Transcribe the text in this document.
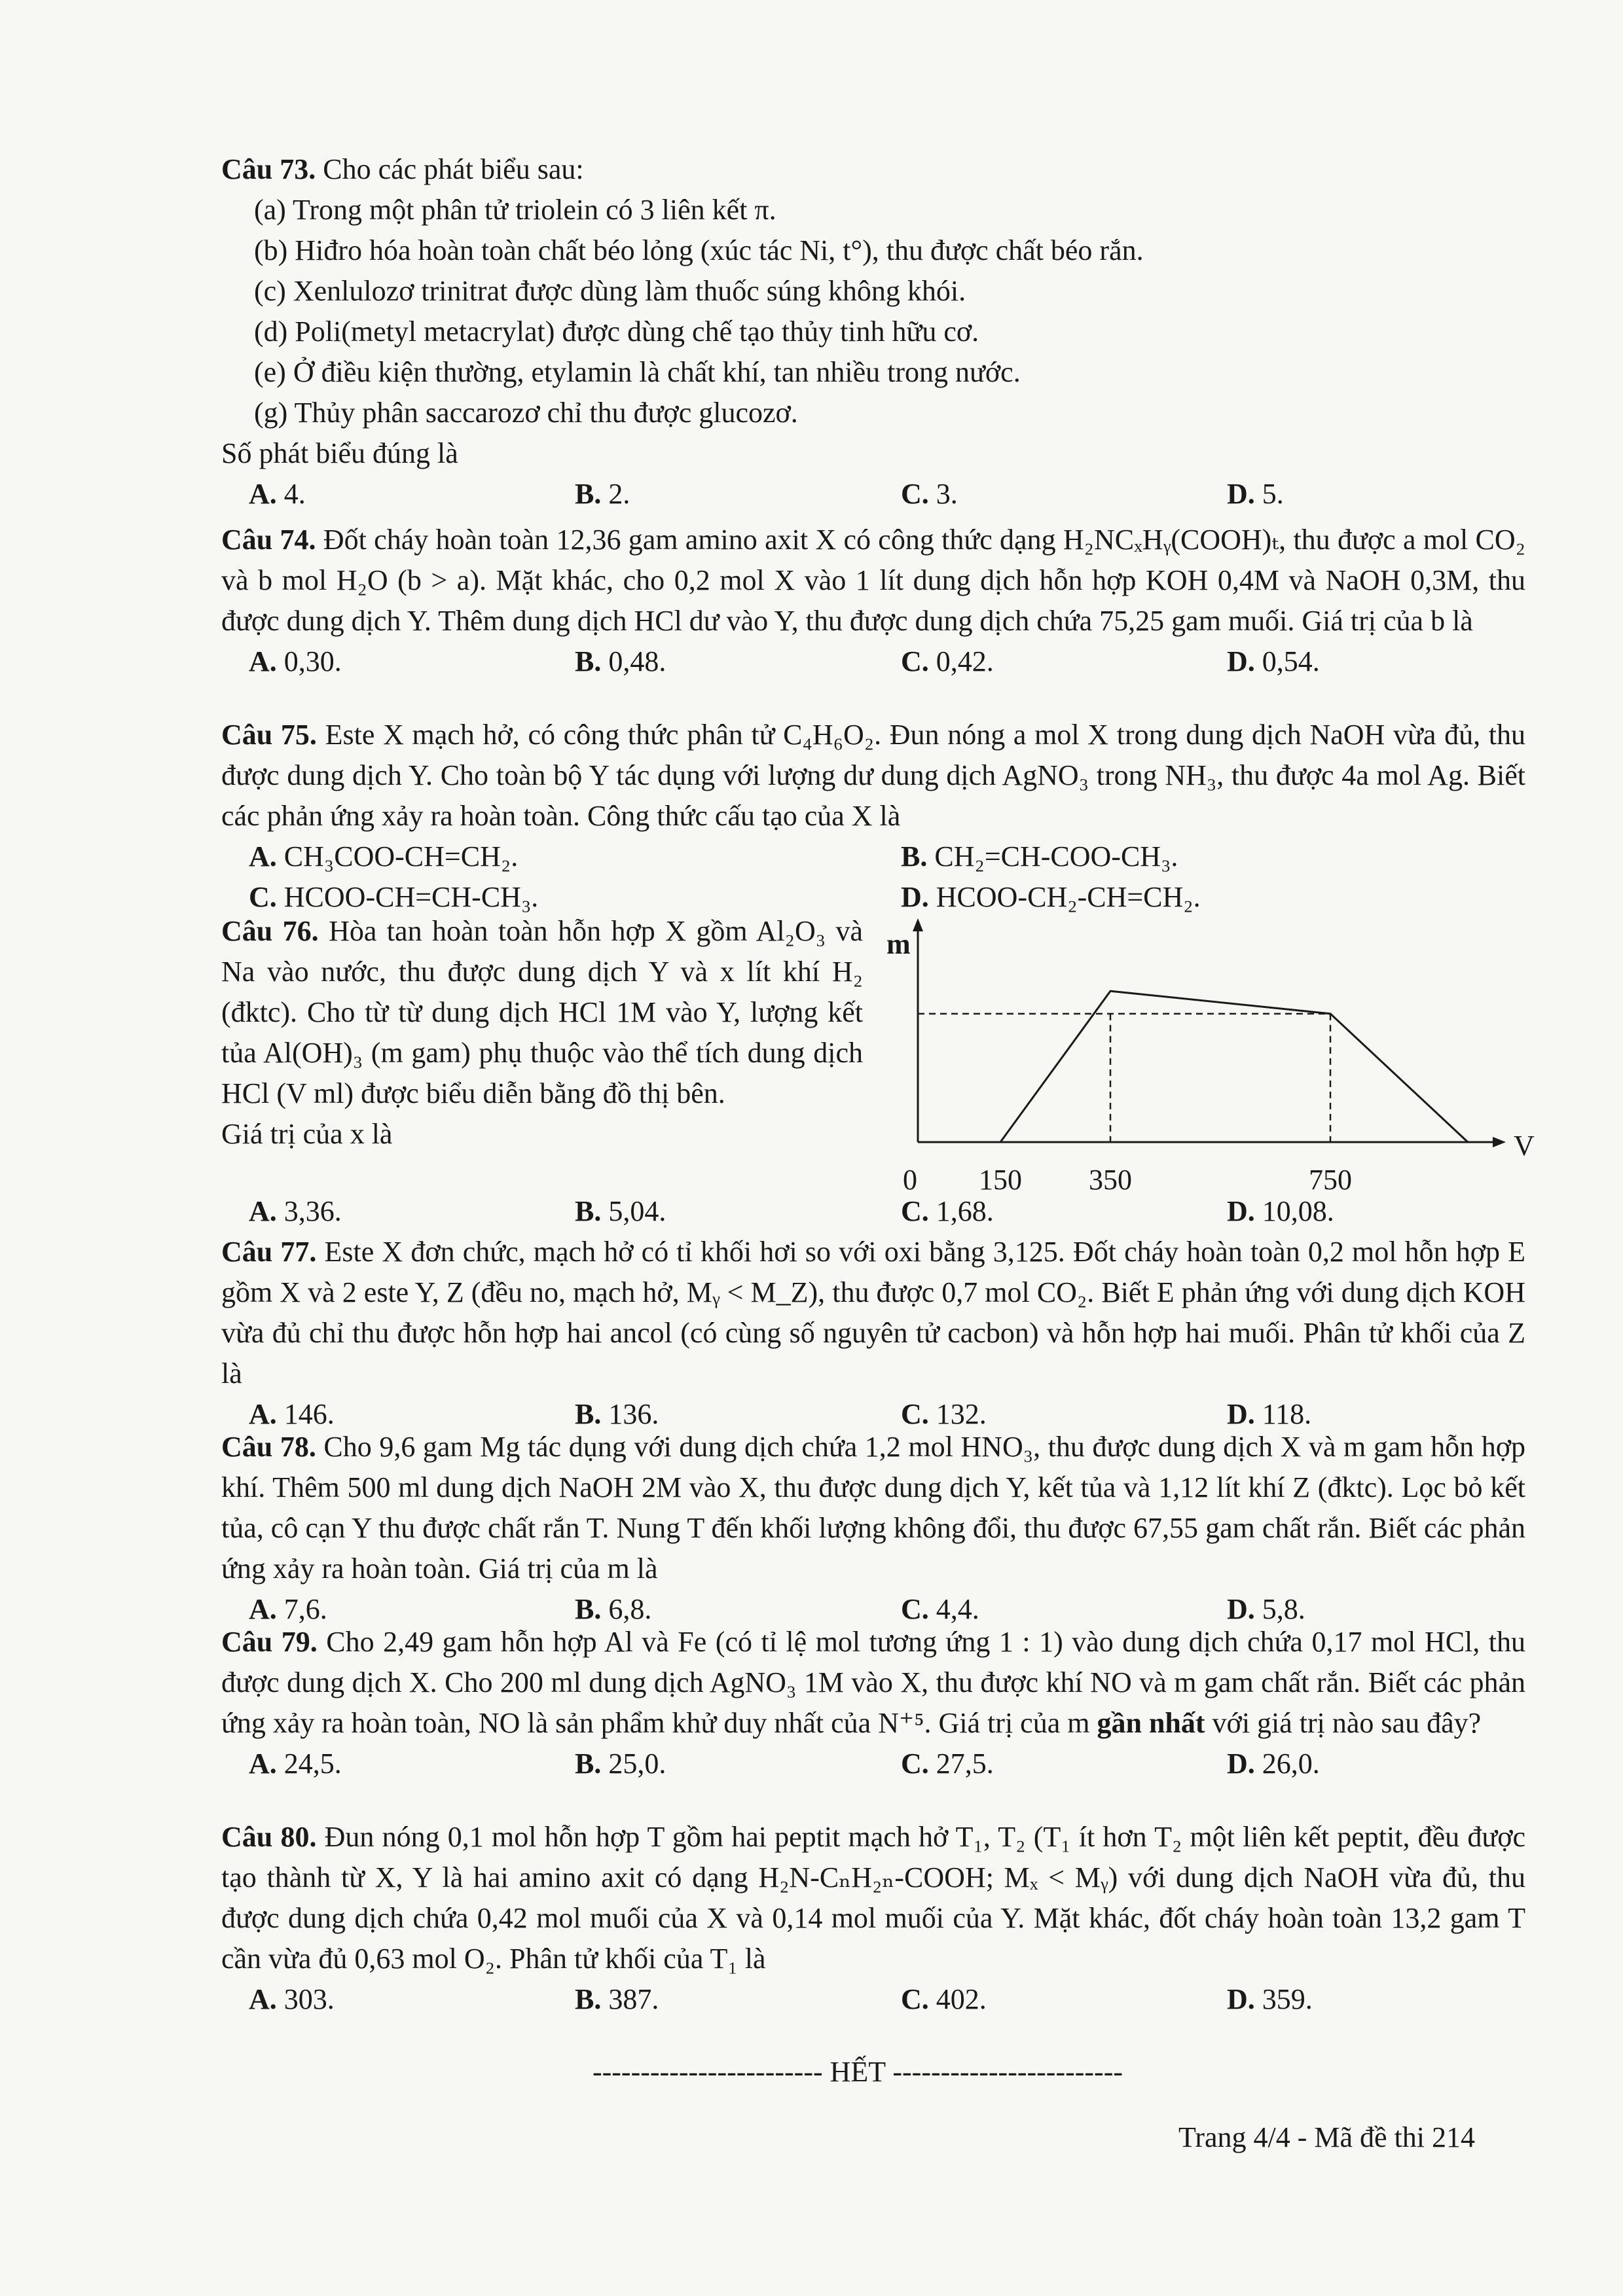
Câu 73. Cho các phát biểu sau:

(a) Trong một phân tử triolein có 3 liên kết π.

(b) Hiđro hóa hoàn toàn chất béo lỏng (xúc tác Ni, t°), thu được chất béo rắn.

(c) Xenlulozơ trinitrat được dùng làm thuốc súng không khói.

(d) Poli(metyl metacrylat) được dùng chế tạo thủy tinh hữu cơ.

(e) Ở điều kiện thường, etylamin là chất khí, tan nhiều trong nước.

(g) Thủy phân saccarozơ chỉ thu được glucozơ.

Số phát biểu đúng là

A. 4.	B. 2.	C. 3.	D. 5.

Câu 74. Đốt cháy hoàn toàn 12,36 gam amino axit X có công thức dạng H₂NCₓHᵧ(COOH)ₜ, thu được a mol CO₂ và b mol H₂O (b > a). Mặt khác, cho 0,2 mol X vào 1 lít dung dịch hỗn hợp KOH 0,4M và NaOH 0,3M, thu được dung dịch Y. Thêm dung dịch HCl dư vào Y, thu được dung dịch chứa 75,25 gam muối. Giá trị của b là

A. 0,30.	B. 0,48.	C. 0,42.	D. 0,54.

Câu 75. Este X mạch hở, có công thức phân tử C₄H₆O₂. Đun nóng a mol X trong dung dịch NaOH vừa đủ, thu được dung dịch Y. Cho toàn bộ Y tác dụng với lượng dư dung dịch AgNO₃ trong NH₃, thu được 4a mol Ag. Biết các phản ứng xảy ra hoàn toàn. Công thức cấu tạo của X là

A. CH₃COO-CH=CH₂.	B. CH₂=CH-COO-CH₃.
C. HCOO-CH=CH-CH₃.	D. HCOO-CH₂-CH=CH₂.

Câu 76. Hòa tan hoàn toàn hỗn hợp X gồm Al₂O₃ và Na vào nước, thu được dung dịch Y và x lít khí H₂ (đktc). Cho từ từ dung dịch HCl 1M vào Y, lượng kết tủa Al(OH)₃ (m gam) phụ thuộc vào thể tích dung dịch HCl (V ml) được biểu diễn bằng đồ thị bên.

Giá trị của x là

m
V
0 150 350	750
A. 3,36.	B. 5,04.	C. 1,68.	D. 10,08.

Câu 77. Este X đơn chức, mạch hở có tỉ khối hơi so với oxi bằng 3,125. Đốt cháy hoàn toàn 0,2 mol hỗn hợp E gồm X và 2 este Y, Z (đều no, mạch hở, Mᵧ < M_Z), thu được 0,7 mol CO₂. Biết E phản ứng với dung dịch KOH vừa đủ chỉ thu được hỗn hợp hai ancol (có cùng số nguyên tử cacbon) và hỗn hợp hai muối. Phân tử khối của Z là

A. 146.	B. 136.	C. 132.	D. 118.

Câu 78. Cho 9,6 gam Mg tác dụng với dung dịch chứa 1,2 mol HNO₃, thu được dung dịch X và m gam hỗn hợp khí. Thêm 500 ml dung dịch NaOH 2M vào X, thu được dung dịch Y, kết tủa và 1,12 lít khí Z (đktc). Lọc bỏ kết tủa, cô cạn Y thu được chất rắn T. Nung T đến khối lượng không đổi, thu được 67,55 gam chất rắn. Biết các phản ứng xảy ra hoàn toàn. Giá trị của m là

A. 7,6.	B. 6,8.	C. 4,4.	D. 5,8.

Câu 79. Cho 2,49 gam hỗn hợp Al và Fe (có tỉ lệ mol tương ứng 1 : 1) vào dung dịch chứa 0,17 mol HCl, thu được dung dịch X. Cho 200 ml dung dịch AgNO₃ 1M vào X, thu được khí NO và m gam chất rắn. Biết các phản ứng xảy ra hoàn toàn, NO là sản phẩm khử duy nhất của N⁺⁵. Giá trị của m gần nhất với giá trị nào sau đây?

A. 24,5.	B. 25,0.	C. 27,5.	D. 26,0.

Câu 80. Đun nóng 0,1 mol hỗn hợp T gồm hai peptit mạch hở T₁, T₂ (T₁ ít hơn T₂ một liên kết peptit, đều được tạo thành từ X, Y là hai amino axit có dạng H₂N-CₙH₂ₙ-COOH; Mₓ < Mᵧ) với dung dịch NaOH vừa đủ, thu được dung dịch chứa 0,42 mol muối của X và 0,14 mol muối của Y. Mặt khác, đốt cháy hoàn toàn 13,2 gam T cần vừa đủ 0,63 mol O₂. Phân tử khối của T₁ là

A. 303.	B. 387.	C. 402.	D. 359.
------------------------ HẾT ------------------------
Trang 4/4 - Mã đề thi 214
